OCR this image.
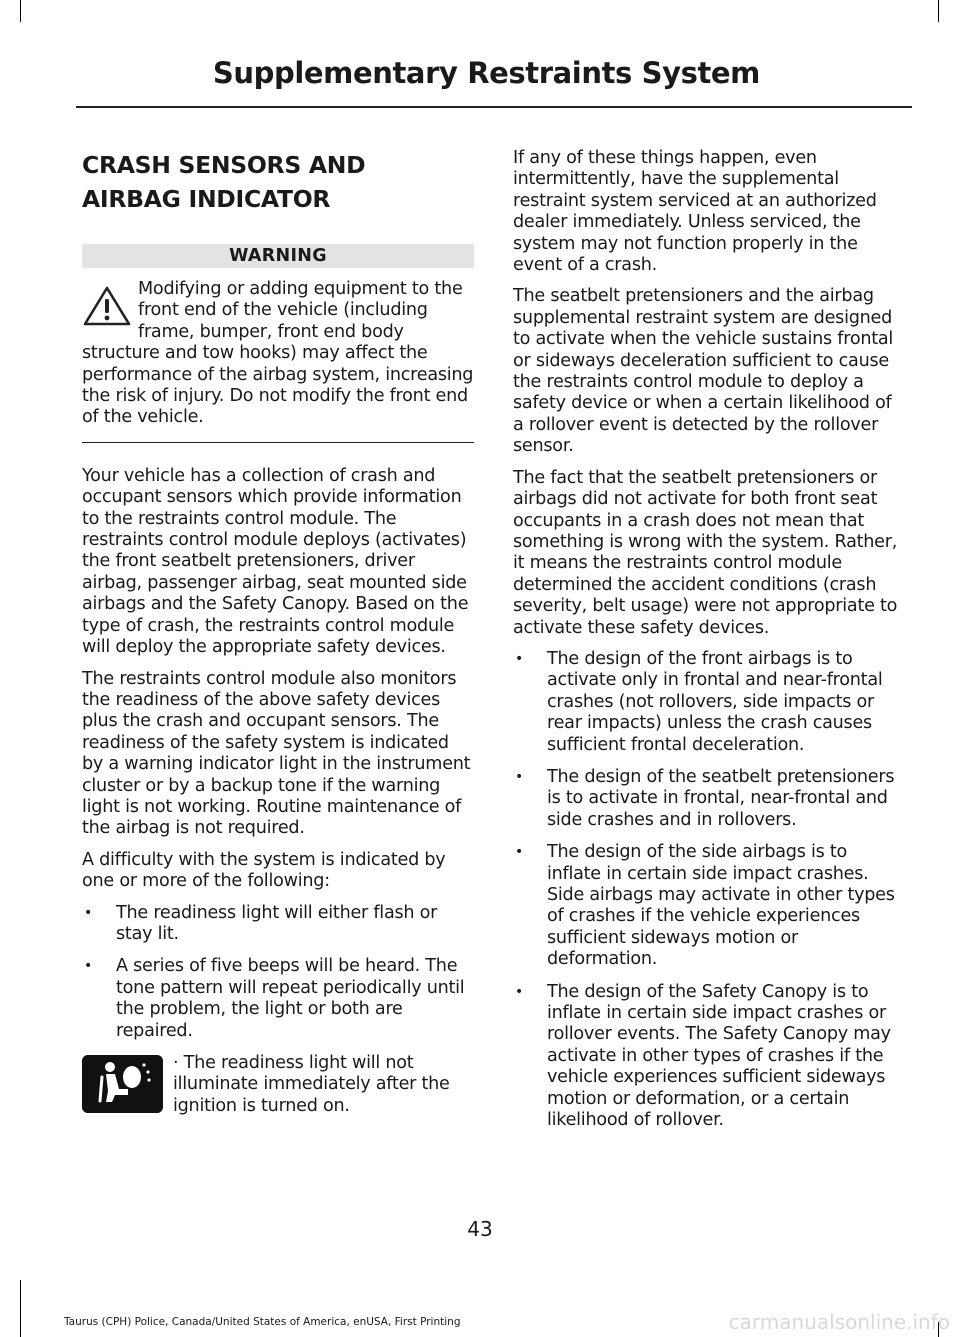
Supplementary Restraints System
CRASH SENSORS AND
AIRBAG INDICATOR
WARNING
Modifying or adding equipment to the front end of the vehicle (including frame, bumper, front end body structure and tow hooks) may affect the performance of the airbag system, increasing the risk of injury. Do not modify the front end of the vehicle.

Your vehicle has a collection of crash and occupant sensors which provide information to the restraints control module. The restraints control module deploys (activates) the front seatbelt pretensioners, driver airbag, passenger airbag, seat mounted side airbags and the Safety Canopy. Based on the type of crash, the restraints control module will deploy the appropriate safety devices.

The restraints control module also monitors the readiness of the above safety devices plus the crash and occupant sensors. The readiness of the safety system is indicated by a warning indicator light in the instrument cluster or by a backup tone if the warning light is not working. Routine maintenance of the airbag is not required.

A difficulty with the system is indicated by one or more of the following:

• The readiness light will either flash or stay lit.
• A series of five beeps will be heard. The tone pattern will repeat periodically until the problem, the light or both are repaired.
· The readiness light will not illuminate immediately after the ignition is turned on.

If any of these things happen, even intermittently, have the supplemental restraint system serviced at an authorized dealer immediately. Unless serviced, the system may not function properly in the event of a crash.

The seatbelt pretensioners and the airbag supplemental restraint system are designed to activate when the vehicle sustains frontal or sideways deceleration sufficient to cause the restraints control module to deploy a safety device or when a certain likelihood of a rollover event is detected by the rollover sensor.

The fact that the seatbelt pretensioners or airbags did not activate for both front seat occupants in a crash does not mean that something is wrong with the system. Rather, it means the restraints control module determined the accident conditions (crash severity, belt usage) were not appropriate to activate these safety devices.

• The design of the front airbags is to activate only in frontal and near-frontal crashes (not rollovers, side impacts or rear impacts) unless the crash causes sufficient frontal deceleration.
• The design of the seatbelt pretensioners is to activate in frontal, near-frontal and side crashes and in rollovers.
• The design of the side airbags is to inflate in certain side impact crashes. Side airbags may activate in other types of crashes if the vehicle experiences sufficient sideways motion or deformation.
• The design of the Safety Canopy is to inflate in certain side impact crashes or rollover events. The Safety Canopy may activate in other types of crashes if the vehicle experiences sufficient sideways motion or deformation, or a certain likelihood of rollover.
43
Taurus (CPH) Police, Canada/United States of America, enUSA, First Printing	carmanualsonline.info
